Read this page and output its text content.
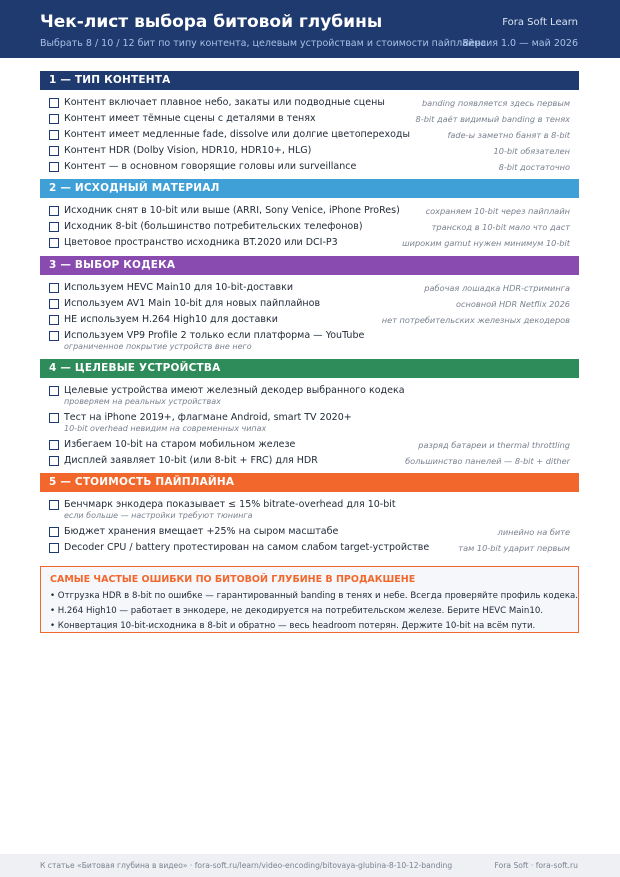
Чек-лист выбора битовой глубины	Fora Soft Learn
Выбрать 8 / 10 / 12 бит по типу контента, целевым устройствам и стоимости пайплайна
Версия 1.0 — май 2026
1 — ТИП КОНТЕНТА
Контент включает плавное небо, закаты или подводные сцены	banding появляется здесь первым
Контент имеет тёмные сцены с деталями в тенях	8-bit даёт видимый banding в тенях
Контент имеет медленные fade, dissolve или долгие цветопереходы	fade-ы заметно банят в 8-bit
Контент HDR (Dolby Vision, HDR10, HDR10+, HLG)	10-bit обязателен
Контент — в основном говорящие головы или surveillance	8-bit достаточно
2 — ИСХОДНЫЙ МАТЕРИАЛ
Исходник снят в 10-bit или выше (ARRI, Sony Venice, iPhone ProRes)	сохраняем 10-bit через пайплайн
Исходник 8-bit (большинство потребительских телефонов)	транскод в 10-bit мало что даст
Цветовое пространство исходника BT.2020 или DCI-P3	широким gamut нужен минимум 10-bit
3 — ВЫБОР КОДЕКА
Используем HEVC Main10 для 10-bit-доставки	рабочая лошадка HDR-стриминга
Используем AV1 Main 10-bit для новых пайплайнов	основной HDR Netflix 2026
НЕ используем H.264 High10 для доставки	нет потребительских железных декодеров
Используем VP9 Profile 2 только если платформа — YouTube
ограниченное покрытие устройств вне него
4 — ЦЕЛЕВЫЕ УСТРОЙСТВА
Целевые устройства имеют железный декодер выбранного кодека
проверяем на реальных устройствах
Тест на iPhone 2019+, флагмане Android, smart TV 2020+
10-bit overhead невидим на современных чипах
Избегаем 10-bit на старом мобильном железе	разряд батареи и thermal throttling
Дисплей заявляет 10-bit (или 8-bit + FRC) для HDR	большинство панелей — 8-bit + dither
5 — СТОИМОСТЬ ПАЙПЛАЙНА
Бенчмарк энкодера показывает ≤ 15% bitrate-overhead для 10-bit
если больше — настройки требуют тюнинга
Бюджет хранения вмещает +25% на сыром масштабе	линейно на бите
Decoder CPU / battery протестирован на самом слабом target-устройстве	там 10-bit ударит первым
САМЫЕ ЧАСТЫЕ ОШИБКИ ПО БИТОВОЙ ГЛУБИНЕ В ПРОДАКШЕНЕ
• Отгрузка HDR в 8-bit по ошибке — гарантированный banding в тенях и небе. Всегда проверяйте профиль кодека.
• H.264 High10 — работает в энкодере, не декодируется на потребительском железе. Берите HEVC Main10.
• Конвертация 10-bit-исходника в 8-bit и обратно — весь headroom потерян. Держите 10-bit на всём пути.
К статье «Битовая глубина в видео» · fora-soft.ru/learn/video-encoding/bitovaya-glubina-8-10-12-banding	Fora Soft · fora-soft.ru
